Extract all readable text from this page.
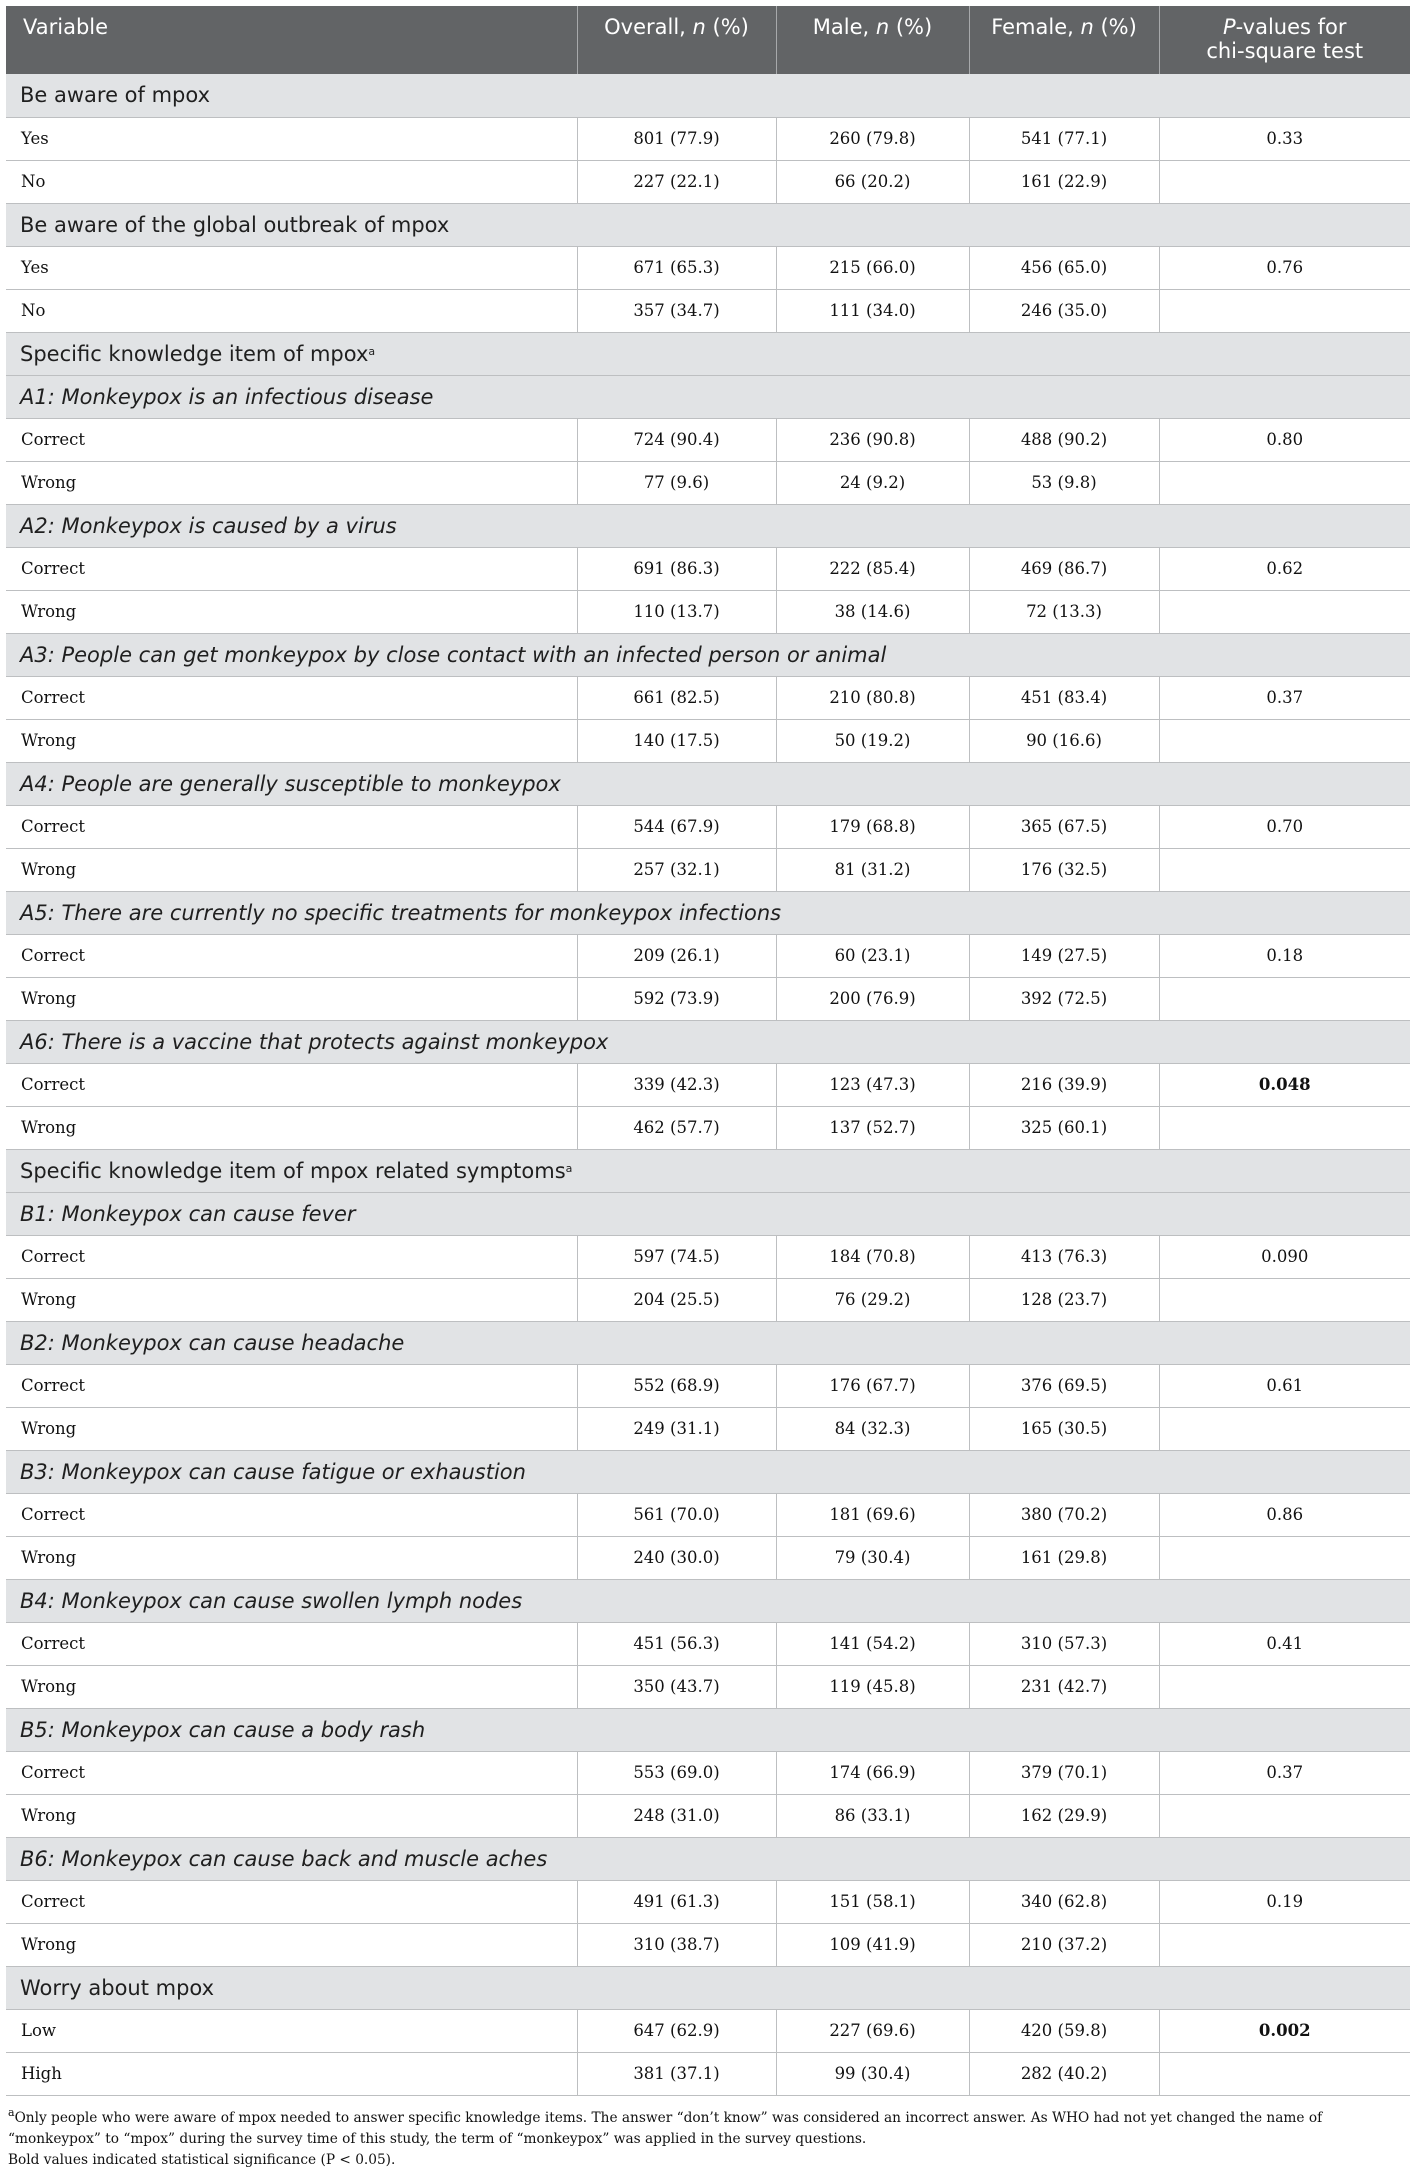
Variable	Overall, n (%)	Male, n (%)	Female, n (%)	P-values for
chi-square test
Be aware of mpox				
Yes	801 (77.9)	260 (79.8)	541 (77.1)	0.33
No	227 (22.1)	66 (20.2)	161 (22.9)	
Be aware of the global outbreak of mpox				
Yes	671 (65.3)	215 (66.0)	456 (65.0)	0.76
No	357 (34.7)	111 (34.0)	246 (35.0)	
Specific knowledge item of mpox$^a$
A1: Monkeypox is an infectious disease				
Correct	724 (90.4)	236 (90.8)	488 (90.2)	0.80
Wrong	77 (9.6)	24 (9.2)	53 (9.8)	
A2: Monkeypox is caused by a virus				
Correct	691 (86.3)	222 (85.4)	469 (86.7)	0.62
Wrong	110 (13.7)	38 (14.6)	72 (13.3)	
A3: People can get monkeypox by close contact with an infected person or animal				
Correct	661 (82.5)	210 (80.8)	451 (83.4)	0.37
Wrong	140 (17.5)	50 (19.2)	90 (16.6)	
A4: People are generally susceptible to monkeypox				
Correct	544 (67.9)	179 (68.8)	365 (67.5)	0.70
Wrong	257 (32.1)	81 (31.2)	176 (32.5)	
A5: There are currently no specific treatments for monkeypox infections				
Correct	209 (26.1)	60 (23.1)	149 (27.5)	0.18
Wrong	592 (73.9)	200 (76.9)	392 (72.5)	
A6: There is a vaccine that protects against monkeypox				
Correct	339 (42.3)	123 (47.3)	216 (39.9)	0.048
Wrong	462 (57.7)	137 (52.7)	325 (60.1)	
Specific knowledge item of mpox related symptoms$^a$
B1: Monkeypox can cause fever				
Correct	597 (74.5)	184 (70.8)	413 (76.3)	0.090
Wrong	204 (25.5)	76 (29.2)	128 (23.7)	
B2: Monkeypox can cause headache				
Correct	552 (68.9)	176 (67.7)	376 (69.5)	0.61
Wrong	249 (31.1)	84 (32.3)	165 (30.5)	
B3: Monkeypox can cause fatigue or exhaustion				
Correct	561 (70.0)	181 (69.6)	380 (70.2)	0.86
Wrong	240 (30.0)	79 (30.4)	161 (29.8)	
B4: Monkeypox can cause swollen lymph nodes				
Correct	451 (56.3)	141 (54.2)	310 (57.3)	0.41
Wrong	350 (43.7)	119 (45.8)	231 (42.7)	
B5: Monkeypox can cause a body rash				
Correct	553 (69.0)	174 (66.9)	379 (70.1)	0.37
Wrong	248 (31.0)	86 (33.1)	162 (29.9)	
B6: Monkeypox can cause back and muscle aches				
Correct	491 (61.3)	151 (58.1)	340 (62.8)	0.19
Wrong	310 (38.7)	109 (41.9)	210 (37.2)	
Worry about mpox				
Low	647 (62.9)	227 (69.6)	420 (59.8)	0.002
High	381 (37.1)	99 (30.4)	282 (40.2)	

$^a$Only people who were aware of mpox needed to answer specific knowledge items. The answer “don’t know” was considered an incorrect answer. As WHO had not yet changed the name of “monkeypox” to “mpox” during the survey time of this study, the term of “monkeypox” was applied in the survey questions.

Bold values indicated statistical significance (P < 0.05).
